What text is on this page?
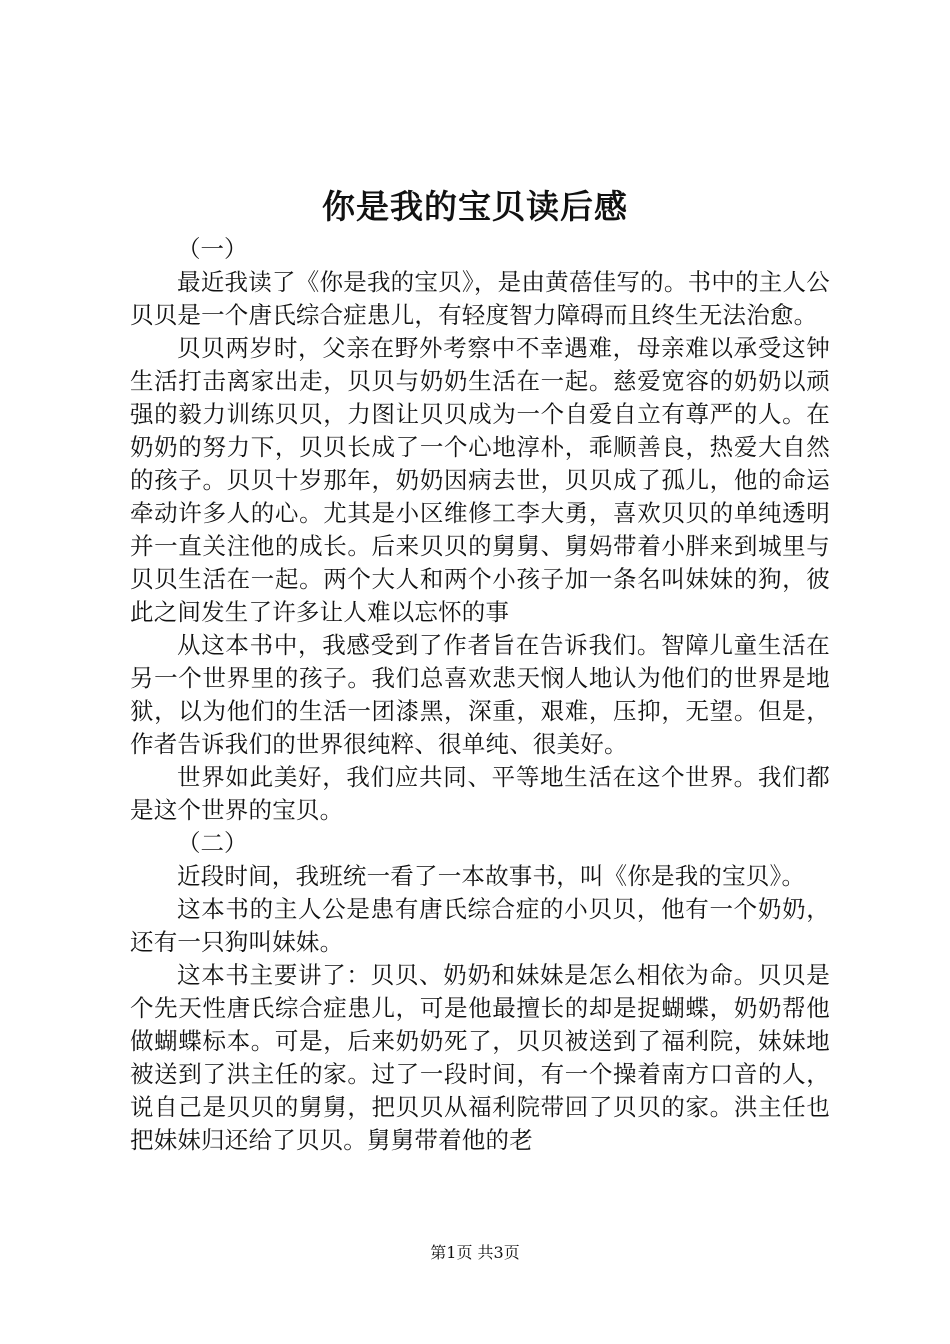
你是我的宝贝读后感

（一）

最近我读了《你是我的宝贝》，是由黄蓓佳写的。书中的主人公贝贝是一个唐氏综合症患儿，有轻度智力障碍而且终生无法治愈。

贝贝两岁时，父亲在野外考察中不幸遇难，母亲难以承受这钟生活打击离家出走，贝贝与奶奶生活在一起。慈爱宽容的奶奶以顽强的毅力训练贝贝，力图让贝贝成为一个自爱自立有尊严的人。在奶奶的努力下，贝贝长成了一个心地淳朴，乖顺善良，热爱大自然的孩子。贝贝十岁那年，奶奶因病去世，贝贝成了孤儿，他的命运牵动许多人的心。尤其是小区维修工李大勇，喜欢贝贝的单纯透明并一直关注他的成长。后来贝贝的舅舅、舅妈带着小胖来到城里与贝贝生活在一起。两个大人和两个小孩子加一条名叫妹妹的狗，彼此之间发生了许多让人难以忘怀的事

从这本书中，我感受到了作者旨在告诉我们。智障儿童生活在另一个世界里的孩子。我们总喜欢悲天悯人地认为他们的世界是地狱，以为他们的生活一团漆黑，深重，艰难，压抑，无望。但是，作者告诉我们的世界很纯粹、很单纯、很美好。

世界如此美好，我们应共同、平等地生活在这个世界。我们都是这个世界的宝贝。

（二）

近段时间，我班统一看了一本故事书，叫《你是我的宝贝》。

这本书的主人公是患有唐氏综合症的小贝贝，他有一个奶奶，还有一只狗叫妹妹。

这本书主要讲了：贝贝、奶奶和妹妹是怎么相依为命。贝贝是个先天性唐氏综合症患儿，可是他最擅长的却是捉蝴蝶，奶奶帮他做蝴蝶标本。可是，后来奶奶死了，贝贝被送到了福利院，妹妹地被送到了洪主任的家。过了一段时间，有一个操着南方口音的人，说自己是贝贝的舅舅，把贝贝从福利院带回了贝贝的家。洪主任也把妹妹归还给了贝贝。舅舅带着他的老

第1页 共3页
